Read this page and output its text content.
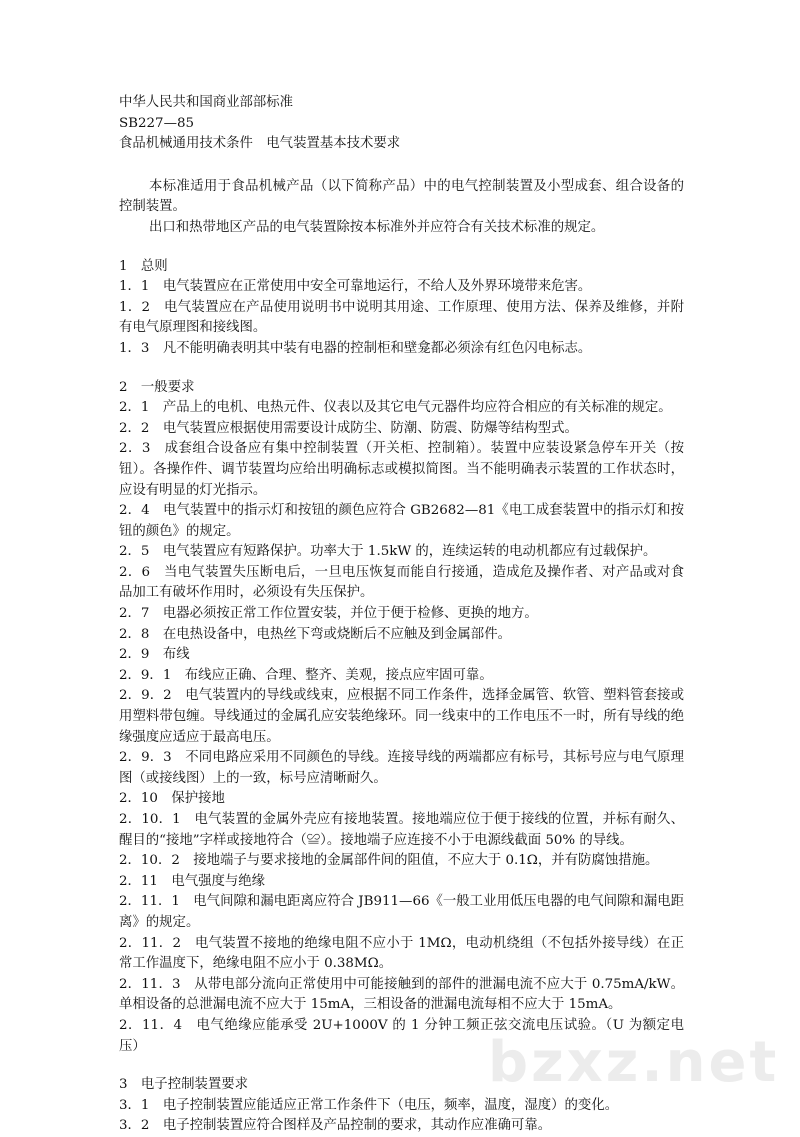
中华人民共和国商业部部标准
SB227—85
食品机械通用技术条件　电气装置基本技术要求
本标准适用于食品机械产品（以下简称产品）中的电气控制装置及小型成套、组合设备的控制装置。
出口和热带地区产品的电气装置除按本标准外并应符合有关技术标准的规定。
1　总则
1．1　电气装置应在正常使用中安全可靠地运行，不给人及外界环境带来危害。
1．2　电气装置应在产品使用说明书中说明其用途、工作原理、使用方法、保养及维修，并附有电气原理图和接线图。
1．3　凡不能明确表明其中装有电器的控制柜和壁龛都必须涂有红色闪电标志。
2　一般要求
2．1　产品上的电机、电热元件、仪表以及其它电气元器件均应符合相应的有关标准的规定。
2．2　电气装置应根据使用需要设计成防尘、防潮、防震、防爆等结构型式。
2．3　成套组合设备应有集中控制装置（开关柜、控制箱）。装置中应装设紧急停车开关（按钮）。各操作件、调节装置均应给出明确标志或模拟简图。当不能明确表示装置的工作状态时，应设有明显的灯光指示。
2．4　电气装置中的指示灯和按钮的颜色应符合 GB2682—81《电工成套装置中的指示灯和按钮的颜色》的规定。
2．5　电气装置应有短路保护。功率大于 1.5kW 的，连续运转的电动机都应有过载保护。
2．6　当电气装置失压断电后，一旦电压恢复而能自行接通，造成危及操作者、对产品或对食品加工有破坏作用时，必须设有失压保护。
2．7　电器必须按正常工作位置安装，并位于便于检修、更换的地方。
2．8　在电热设备中，电热丝下弯或烧断后不应触及到金属部件。
2．9　布线
2．9．1　布线应正确、合理、整齐、美观，接点应牢固可靠。
2．9．2　电气装置内的导线或线束，应根据不同工作条件，选择金属管、软管、塑料管套接或用塑料带包缠。导线通过的金属孔应安装绝缘环。同一线束中的工作电压不一时，所有导线的绝缘强度应适应于最高电压。
2．9．3　不同电路应采用不同颜色的导线。连接导线的两端都应有标号，其标号应与电气原理图（或接线图）上的一致，标号应清晰耐久。
2．10　保护接地
2．10．1　电气装置的金属外壳应有接地装置。接地端应位于便于接线的位置，并标有耐久、醒目的“接地”字样或接地符合（≌）。接地端子应连接不小于电源线截面 50% 的导线。
2．10．2　接地端子与要求接地的金属部件间的阻值，不应大于 0.1Ω，并有防腐蚀措施。
2．11　电气强度与绝缘
2．11．1　电气间隙和漏电距离应符合 JB911—66《一般工业用低压电器的电气间隙和漏电距离》的规定。
2．11．2　电气装置不接地的绝缘电阻不应小于 1MΩ，电动机绕组（不包括外接导线）在正常工作温度下，绝缘电阻不应小于 0.38MΩ。
2．11．3　从带电部分流向正常使用中可能接触到的部件的泄漏电流不应大于 0.75mA/kW。单相设备的总泄漏电流不应大于 15mA，三相设备的泄漏电流每相不应大于 15mA。
2．11．4　电气绝缘应能承受 2U+1000V 的 1 分钟工频正弦交流电压试验。（U 为额定电压）
3　电子控制装置要求
3．1　电子控制装置应能适应正常工作条件下（电压，频率，温度，湿度）的变化。
3．2　电子控制装置应符合图样及产品控制的要求，其动作应准确可靠。
bzxz.net
